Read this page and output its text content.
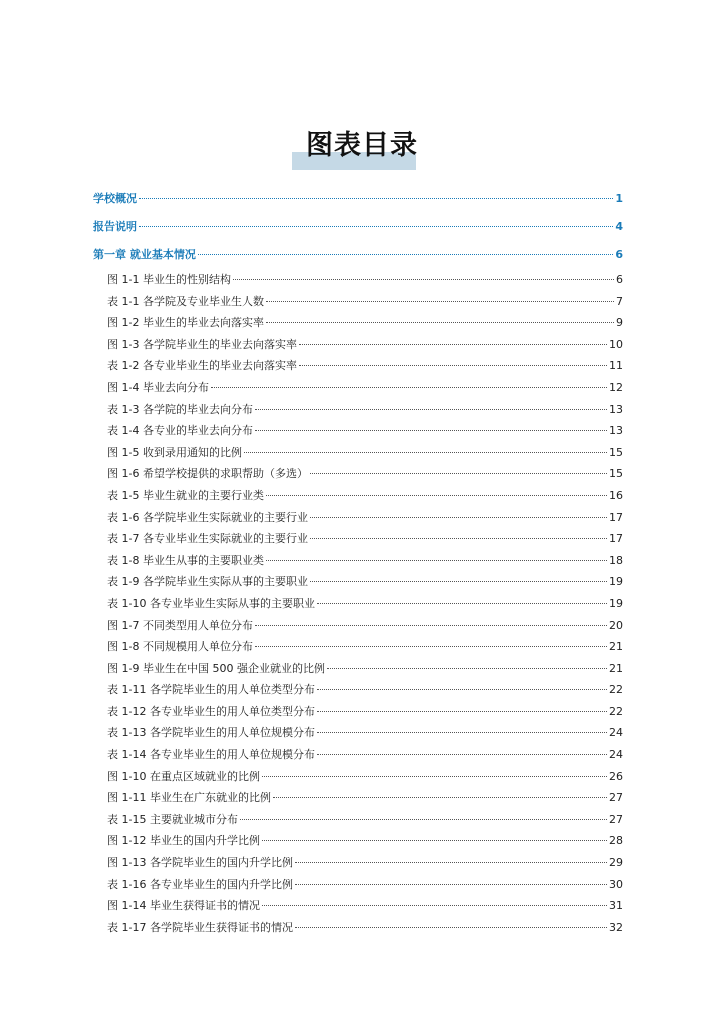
图表目录
学校概况	1
报告说明	4
第一章 就业基本情况	6
图 1-1 毕业生的性别结构	6
表 1-1 各学院及专业毕业生人数	7
图 1-2 毕业生的毕业去向落实率	9
图 1-3 各学院毕业生的毕业去向落实率	10
表 1-2 各专业毕业生的毕业去向落实率	11
图 1-4 毕业去向分布	12
表 1-3 各学院的毕业去向分布	13
表 1-4 各专业的毕业去向分布	13
图 1-5 收到录用通知的比例	15
图 1-6 希望学校提供的求职帮助（多选）	15
表 1-5 毕业生就业的主要行业类	16
表 1-6 各学院毕业生实际就业的主要行业	17
表 1-7 各专业毕业生实际就业的主要行业	17
表 1-8 毕业生从事的主要职业类	18
表 1-9 各学院毕业生实际从事的主要职业	19
表 1-10 各专业毕业生实际从事的主要职业	19
图 1-7 不同类型用人单位分布	20
图 1-8 不同规模用人单位分布	21
图 1-9 毕业生在中国 500 强企业就业的比例	21
表 1-11 各学院毕业生的用人单位类型分布	22
表 1-12 各专业毕业生的用人单位类型分布	22
表 1-13 各学院毕业生的用人单位规模分布	24
表 1-14 各专业毕业生的用人单位规模分布	24
图 1-10 在重点区域就业的比例	26
图 1-11 毕业生在广东就业的比例	27
表 1-15 主要就业城市分布	27
图 1-12 毕业生的国内升学比例	28
图 1-13 各学院毕业生的国内升学比例	29
表 1-16 各专业毕业生的国内升学比例	30
图 1-14 毕业生获得证书的情况	31
表 1-17 各学院毕业生获得证书的情况	32
